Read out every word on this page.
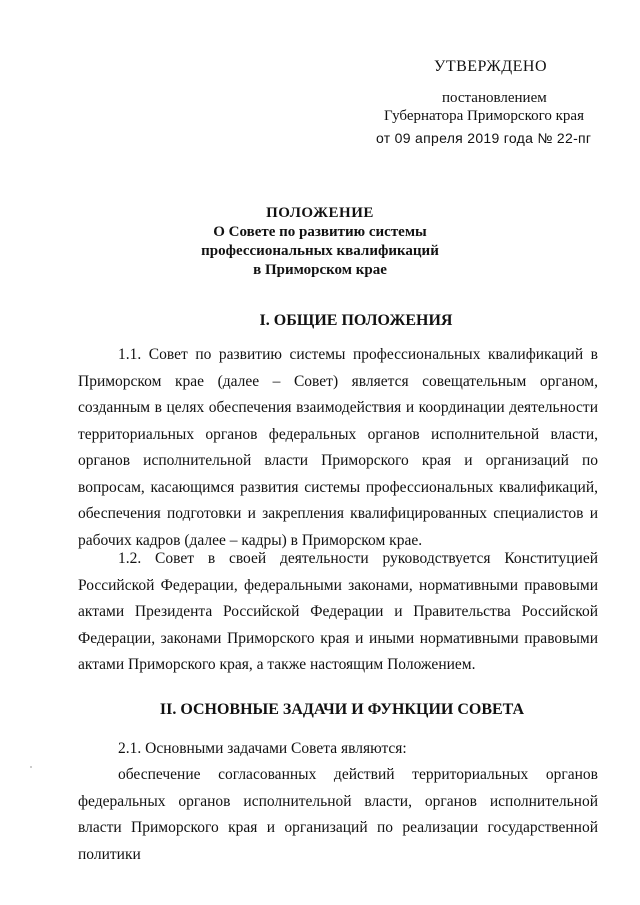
УТВЕРЖДЕНО
постановлением
Губернатора Приморского края
от 09 апреля 2019 года № 22-пг
ПОЛОЖЕНИЕ
О Совете по развитию системы
профессиональных квалификаций
в Приморском крае
I. ОБЩИЕ ПОЛОЖЕНИЯ
1.1. Совет по развитию системы профессиональных квалификаций в Приморском крае (далее – Совет) является совещательным органом, созданным в целях обеспечения взаимодействия и координации деятельности территориальных органов федеральных органов исполнительной власти, органов исполнительной власти Приморского края и организаций по вопросам, касающимся развития системы профессиональных квалификаций, обеспечения подготовки и закрепления квалифицированных специалистов и рабочих кадров (далее – кадры) в Приморском крае.
1.2. Совет в своей деятельности руководствуется Конституцией Российской Федерации, федеральными законами, нормативными правовыми актами Президента Российской Федерации и Правительства Российской Федерации, законами Приморского края и иными нормативными правовыми актами Приморского края, а также настоящим Положением.
II. ОСНОВНЫЕ ЗАДАЧИ И ФУНКЦИИ СОВЕТА
2.1. Основными задачами Совета являются:
обеспечение согласованных действий территориальных органов федеральных органов исполнительной власти, органов исполнительной власти Приморского края и организаций по реализации государственной политики
